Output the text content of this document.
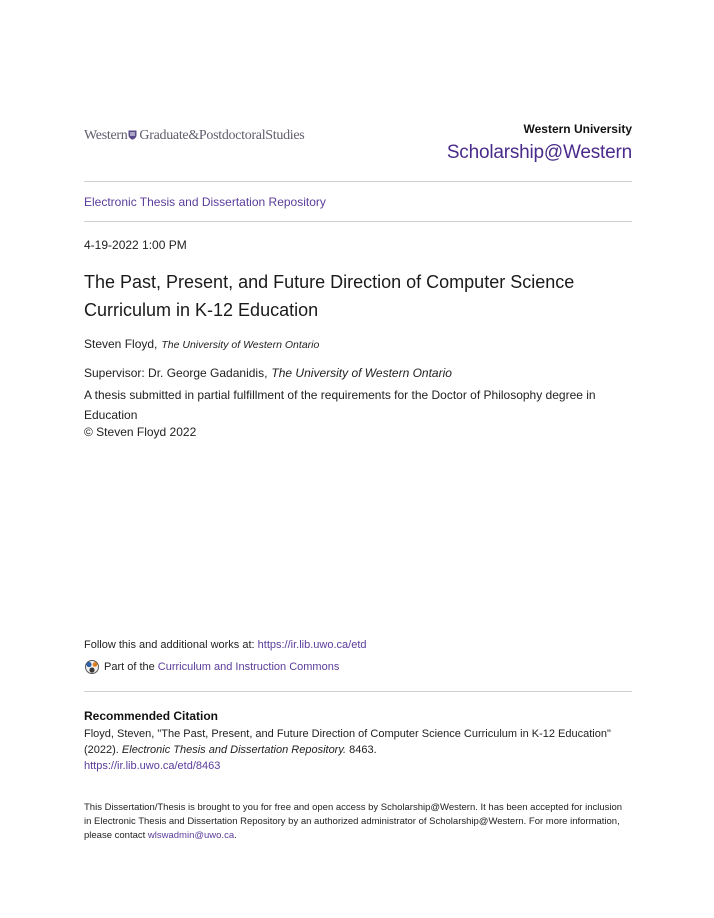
Western Graduate&PostdoctoralStudies	Western University
Scholarship@Western
Electronic Thesis and Dissertation Repository
4-19-2022 1:00 PM
The Past, Present, and Future Direction of Computer Science Curriculum in K-12 Education
Steven Floyd, The University of Western Ontario
Supervisor: Dr. George Gadanidis, The University of Western Ontario
A thesis submitted in partial fulfillment of the requirements for the Doctor of Philosophy degree in Education
© Steven Floyd 2022
Follow this and additional works at: https://ir.lib.uwo.ca/etd
Part of the Curriculum and Instruction Commons
Recommended Citation
Floyd, Steven, "The Past, Present, and Future Direction of Computer Science Curriculum in K-12 Education" (2022). Electronic Thesis and Dissertation Repository. 8463.
https://ir.lib.uwo.ca/etd/8463
This Dissertation/Thesis is brought to you for free and open access by Scholarship@Western. It has been accepted for inclusion in Electronic Thesis and Dissertation Repository by an authorized administrator of Scholarship@Western. For more information, please contact wlswadmin@uwo.ca.
